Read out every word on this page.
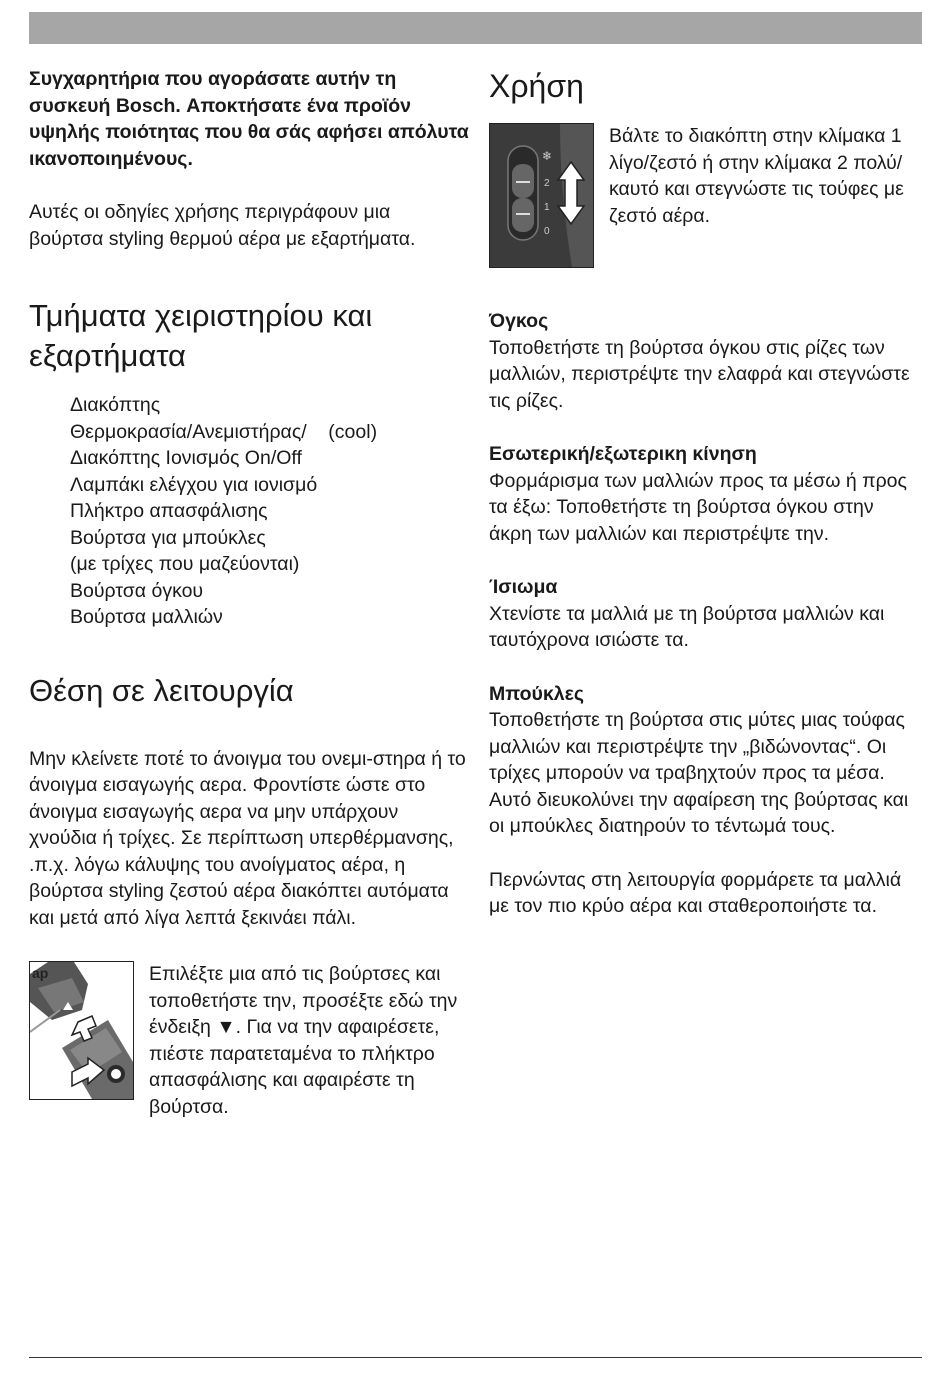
Συγχαρητήρια που αγοράσατε αυτήν τη συσκευή Bosch. Αποκτήσατε ένα προϊόν υψηλής ποιότητας που θα σάς αφήσει απόλυτα ικανοποιημένους.

Αυτές οι οδηγίες χρήσης περιγράφουν μια βούρτσα styling θερμού αέρα με εξαρτήματα.

Τμήματα χειριστηρίου και εξαρτήματα
Διακόπτης
Θερμοκρασία/Ανεμιστήρας/    (cool)
Διακόπτης Ιονισμός On/Off
Λαμπάκι ελέγχου για ιονισμό
Πλήκτρο απασφάλισης
Βούρτσα για μπούκλες
(με τρίχες που μαζεύονται)
Βούρτσα όγκου
Βούρτσα μαλλιών
Θέση σε λειτουργία

Μην κλείνετε ποτέ το άνοιγμα του ονεμι-στηρα ή το άνοιγμα εισαγωγής αερα. Φροντίστε ώστε στο άνοιγμα εισαγωγής αερα να μην υπάρχουν χνούδια ή τρίχες. Σε περίπτωση υπερθέρμανσης, .π.χ. λόγω κάλυψης του ανοίγματος αέρα, η βούρτσα styling ζεστού αέρα διακόπτει αυτόματα και μετά από λίγα λεπτά ξεκινάει πάλι.

ap	Επιλέξτε μια από τις βούρτσες και τοποθετήστε την, προσέξτε εδώ την ένδειξη ▼. Για να την αφαιρέσετε, πιέστε παρατεταμένα το πλήκτρο απασφάλισης και αφαιρέστε τη βούρτσα.

Χρήση
❄
2
1
0

Βάλτε το διακόπτη στην κλίμακα 1 λίγο/ζεστό ή στην κλίμακα 2 πολύ/καυτό και στεγνώστε τις τούφες με ζεστό αέρα.

Όγκος

Τοποθετήστε τη βούρτσα όγκου στις ρίζες των μαλλιών, περιστρέψτε την ελαφρά και στεγνώστε τις ρίζες.

Εσωτερική/εξωτερικη κίνηση

Φορμάρισμα των μαλλιών προς τα μέσω ή προς τα έξω: Τοποθετήστε τη βούρτσα όγκου στην άκρη των μαλλιών και περιστρέψτε την.

Ίσιωμα

Χτενίστε τα μαλλιά με τη βούρτσα μαλλιών και ταυτόχρονα ισιώστε τα.

Μπούκλες

Τοποθετήστε τη βούρτσα στις μύτες μιας τούφας μαλλιών και περιστρέψτε την „βιδώνοντας“. Οι τρίχες μπορούν να τραβηχτούν προς τα μέσα. Αυτό διευκολύνει την αφαίρεση της βούρτσας και οι μπούκλες διατηρούν το τέντωμά τους.

Περνώντας στη λειτουργία φορμάρετε τα μαλλιά με τον πιο κρύο αέρα και σταθεροποιήστε τα.
